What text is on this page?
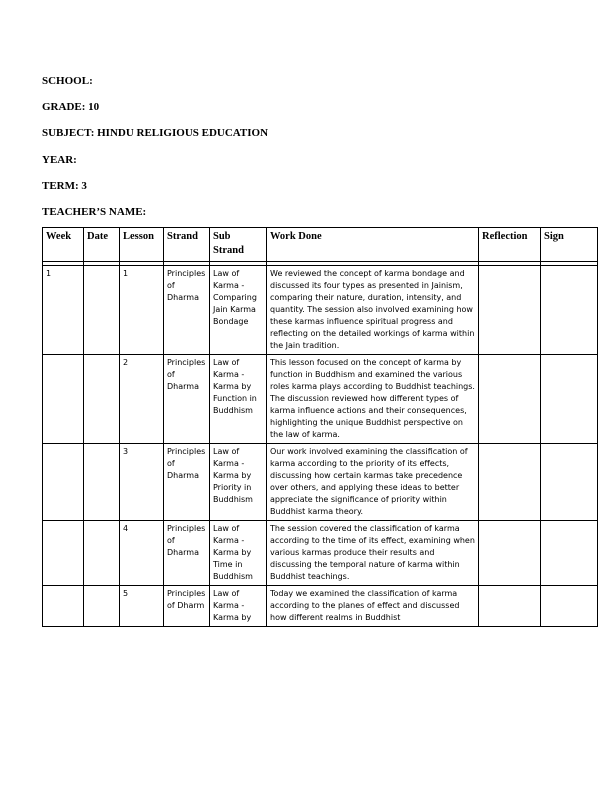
SCHOOL:
GRADE: 10
SUBJECT: HINDU RELIGIOUS EDUCATION
YEAR:
TERM: 3
TEACHER’S NAME:
Week	Date	Lesson	Strand	Sub Strand	Work Done	Reflection	Sign

1		1	Principles of Dharma	Law of Karma - Comparing Jain Karma Bondage	We reviewed the concept of karma bondage and discussed its four types as presented in Jainism, comparing their nature, duration, intensity, and quantity. The session also involved examining how these karmas influence spiritual progress and reflecting on the detailed workings of karma within the Jain tradition.		

		2	Principles of Dharma	Law of Karma - Karma by Function in Buddhism	This lesson focused on the concept of karma by function in Buddhism and examined the various roles karma plays according to Buddhist teachings. The discussion reviewed how different types of karma influence actions and their consequences, highlighting the unique Buddhist perspective on the law of karma.		

		3	Principles of Dharma	Law of Karma - Karma by Priority in Buddhism	Our work involved examining the classification of karma according to the priority of its effects, discussing how certain karmas take precedence over others, and applying these ideas to better appreciate the significance of priority within Buddhist karma theory.		

		4	Principles of Dharma	Law of Karma - Karma by Time in Buddhism	The session covered the classification of karma according to the time of its effect, examining when various karmas produce their results and discussing the temporal nature of karma within Buddhist teachings.		

		5	Principles of Dharm	Law of Karma - Karma by	Today we examined the classification of karma according to the planes of effect and discussed how different realms in Buddhist		
